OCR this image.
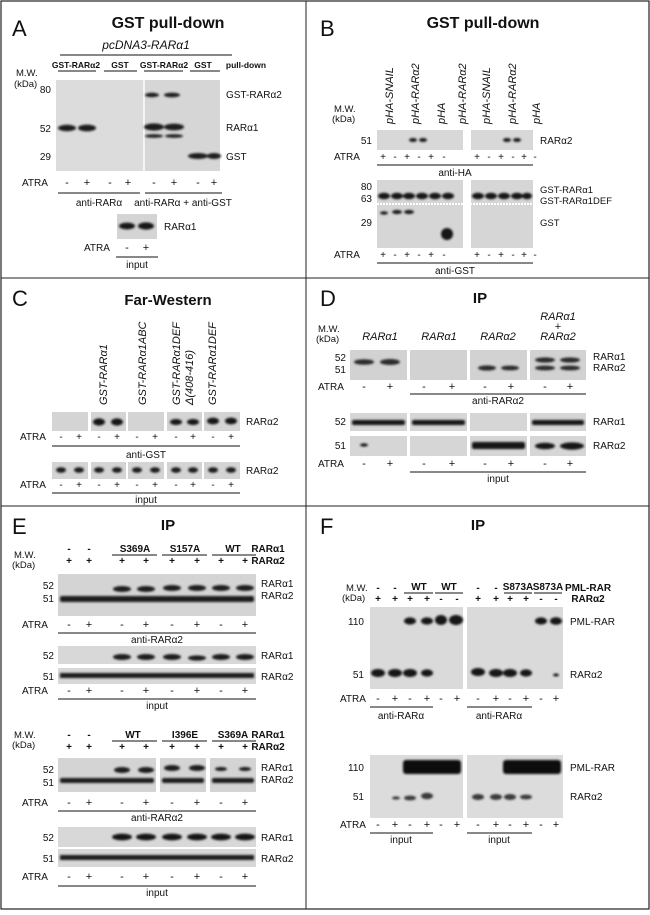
A	GST pull-down
pcDNA3-RARα1
M.W.
(kDa)
GST-RARα2 GST GST-RARα2 GST pull-down
80
52
29
GST-RARα2
RARα1
GST
ATRA - + - + - + - +
anti-RARα anti-RARα + anti-GST
RARα1
ATRA - +
input
B	GST pull-down
M.W.
(kDa)	pHA-SNAIL pHA-RARα2 pHA pHA-RARα2 pHA-SNAIL pHA-RARα2 pHA
51	RARα2
ATRA + - + - + -	+ - + - + -
anti-HA
80
63
29
GST-RARα1
GST-RARα1DEF
GST
ATRA + - + - + -	+ - + - + -
anti-GST
C	Far-Western
GST-RARα1 GST-RARα1ABC GST-RARα1DEF Δ(408-416) GST-RARα1DEF
RARα2
ATRA - + - + - + - + - +
anti-GST
RARα2
ATRA - + - + - + - + - +
input
D	IP
M.W.
(kDa) RARα1 RARα1 RARα2
RARα1
+
RARα2
52
51
RARα1
RARα2
ATRA - +	- +	- +	- +
anti-RARα2
52
51
RARα1
RARα2
ATRA - +	- +	- +	- +
input
E	IP
M.W.
(kDa)
- -	S369A S157A WT RARα1
+ +	+ + + + + + RARα2
52
51
RARα1
RARα2
ATRA - +	- + - + - +
anti-RARα2
52
51
RARα1
RARα2
ATRA - +	- + - + - +
input
M.W.
(kDa)
- -	WT	I396E S369A RARα1
+ +	+ + + + + + RARα2
52
51
RARα1
RARα2
ATRA - +	- + - + - +
anti-RARα2
52
51
RARα1
RARα2
ATRA - +	- + - + - +
input
F	IP
M.W.
(kDa)
- - WT WT - - S873A S873A PML-RAR
+ + + + - - + + + + - - RARα2
110
51
PML-RAR
RARα2
ATRA - + - + - + - + - + - +
anti-RARα	anti-RARα
110
51
PML-RAR
RARα2
ATRA - + - + - + - + - + - +
input	input
